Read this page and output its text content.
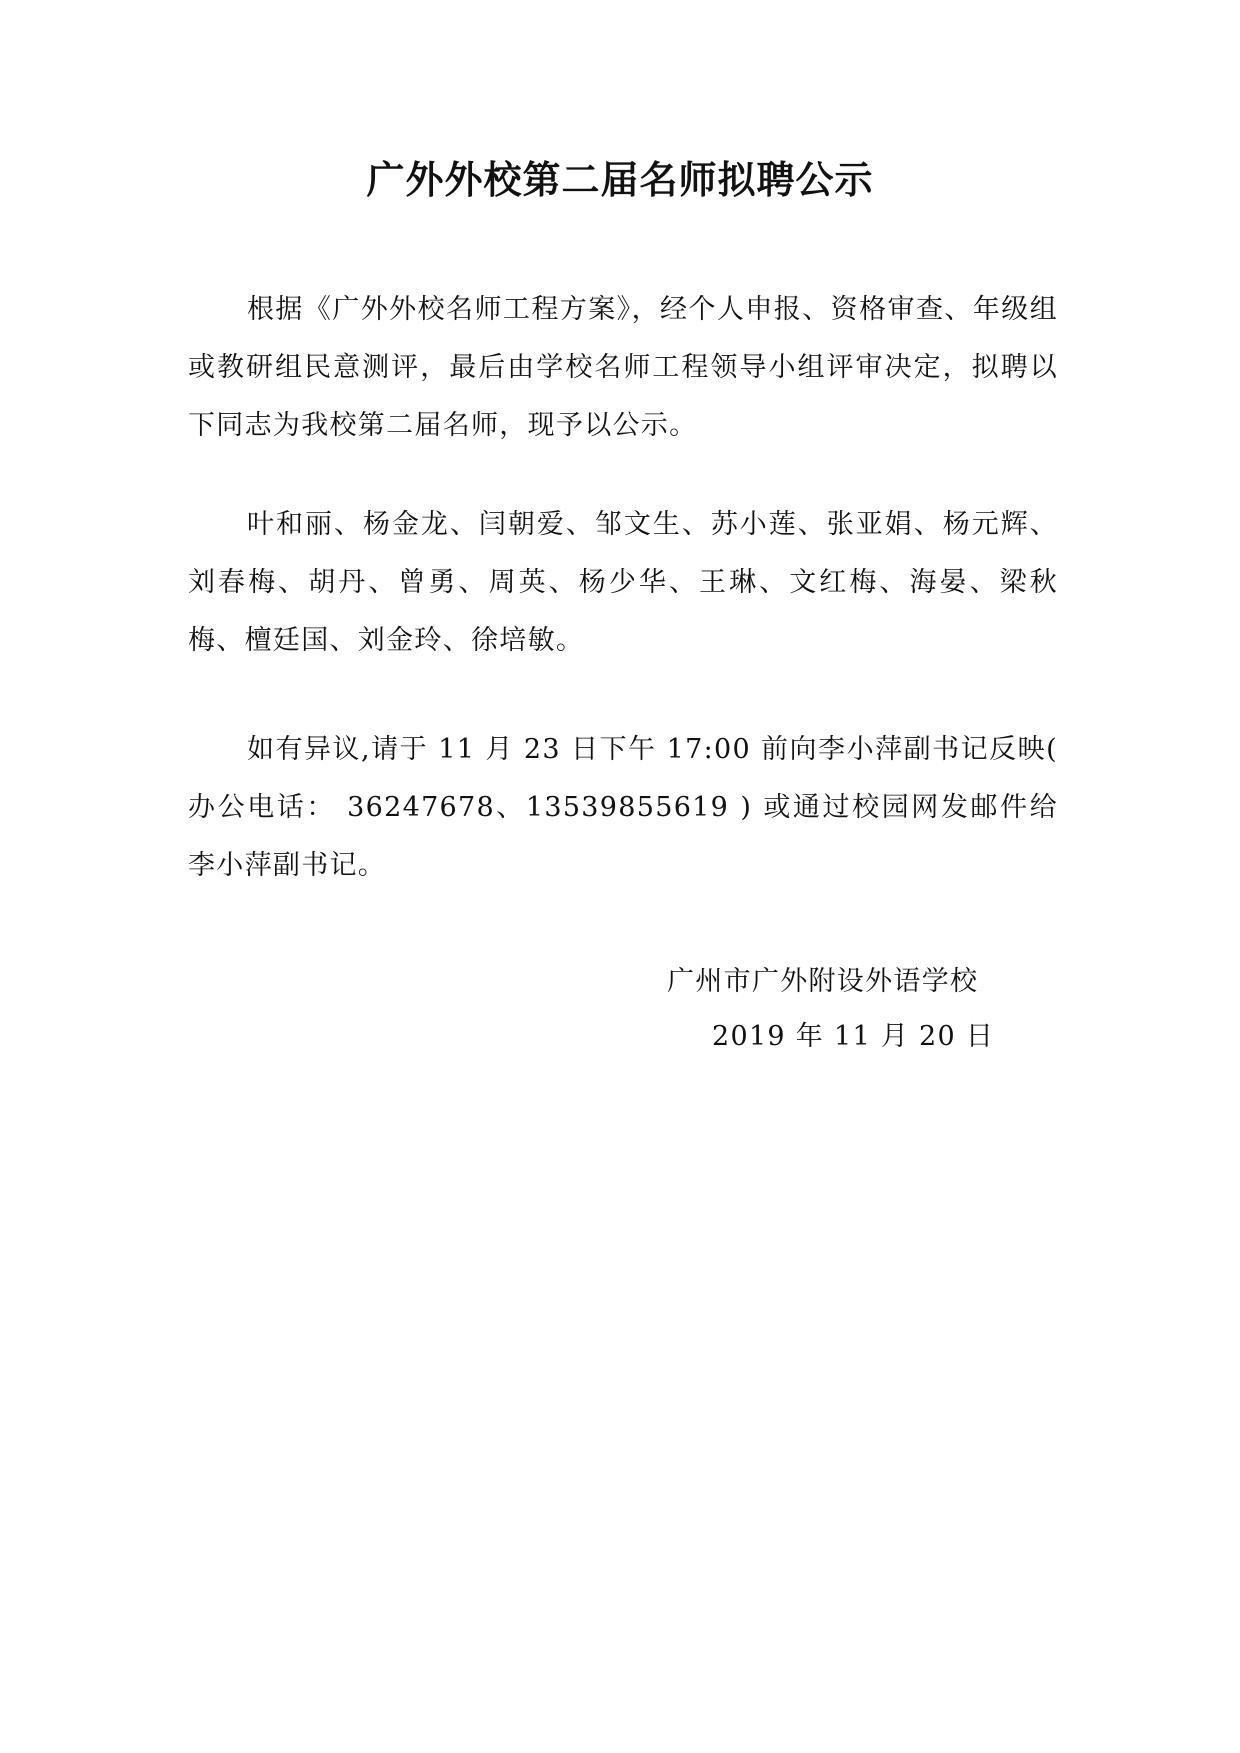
广外外校第二届名师拟聘公示

根据《广外外校名师工程方案》，经个人申报、资格审查、年级组或教研组民意测评，最后由学校名师工程领导小组评审决定，拟聘以下同志为我校第二届名师，现予以公示。

叶和丽、杨金龙、闫朝爱、邹文生、苏小莲、张亚娟、杨元辉、刘春梅、胡丹、曾勇、周英、杨少华、王琳、文红梅、海晏、梁秋梅、檀廷国、刘金玲、徐培敏。

如有异议,请于 11 月 23 日下午 17:00 前向李小萍副书记反映( 办公电话： 36247678、13539855619 ) 或通过校园网发邮件给李小萍副书记。

广州市广外附设外语学校

2019 年 11 月 20 日
